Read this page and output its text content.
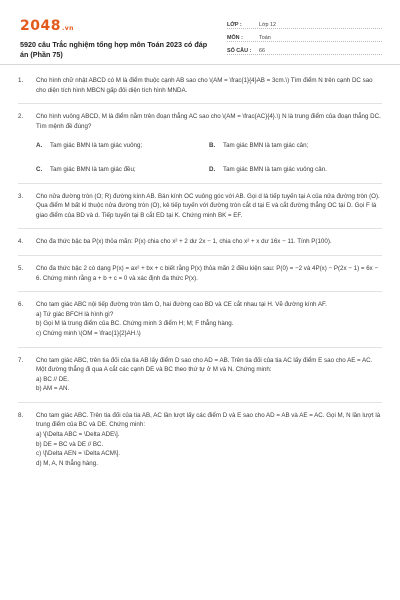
2048.vn
5920 câu Trắc nghiệm tổng hợp môn Toán 2023 có đáp án (Phần 75)
LỚP :	Lớp 12
MÔN :	Toán
SỐ CÂU :	66
1.	Cho hình chữ nhật ABCD có M là điểm thuộc cạnh AB sao cho \(AM = \frac{1}{4}AB = 3cm.\) Tìm điểm N trên cạnh DC sao cho diện tích hình MBCN gấp đôi diện tích hình MNDA.
2.	Cho hình vuông ABCD, M là điểm nằm trên đoạn thẳng AC sao cho \(AM = \frac{AC}{4}.\) N là trung điểm của đoạn thẳng DC. Tìm mệnh đề đúng?
A. Tam giác BMN là tam giác vuông;	B. Tam giác BMN là tam giác cân;
C. Tam giác BMN là tam giác đều;	D. Tam giác BMN là tam giác vuông cân.
3.	Cho nửa đường tròn (O; R) đường kính AB. Bán kính OC vuông góc với AB. Gọi d là tiếp tuyến tại A của nửa đường tròn (O). Qua điểm M bất kì thuộc nửa đường tròn (O), kẻ tiếp tuyến với đường tròn cắt d tại E và cắt đường thẳng OC tại D. Gọi F là giao điểm của BD và d. Tiếp tuyến tại B cắt ED tại K. Chứng minh BK = EF.
4.	Cho đa thức bậc ba P(x) thỏa mãn: P(x) chia cho x² + 2 dư 2x − 1, chia cho x² + x dư 16x − 11. Tính P(100).
5.	Cho đa thức bậc 2 có dạng P(x) = ax² + bx + c biết rằng P(x) thỏa mãn 2 điều kiện sau: P(0) = −2 và 4P(x) − P(2x − 1) = 6x − 6. Chứng minh rằng a + b + c = 0 và xác định đa thức P(x).
6.	Cho tam giác ABC nội tiếp đường tròn tâm O, hai đường cao BD và CE cắt nhau tại H. Vẽ đường kính AF.
a) Tứ giác BFCH là hình gì?
b) Gọi M là trung điểm của BC. Chứng minh 3 điểm H; M; F thẳng hàng.
c) Chứng minh \(OM = \frac{1}{2}AH.\)
7.	Cho tam giác ABC, trên tia đối của tia AB lấy điểm D sao cho AD = AB. Trên tia đối của tia AC lấy điểm E sao cho AE = AC. Một đường thẳng đi qua A cắt các cạnh DE và BC theo thứ tự ở M và N. Chứng minh:
a) BC // DE.
b) AM = AN.
8.	Cho tam giác ABC. Trên tia đối của tia AB, AC lần lượt lấy các điểm D và E sao cho AD = AB và AE = AC. Gọi M, N lần lượt là trung điểm của BC và DE. Chứng minh:
a) \[\Delta ABC = \Delta ADE\].
b) DE = BC và DE // BC.
c) \[\Delta AEN = \Delta ACM\].
d) M, A, N thẳng hàng.
